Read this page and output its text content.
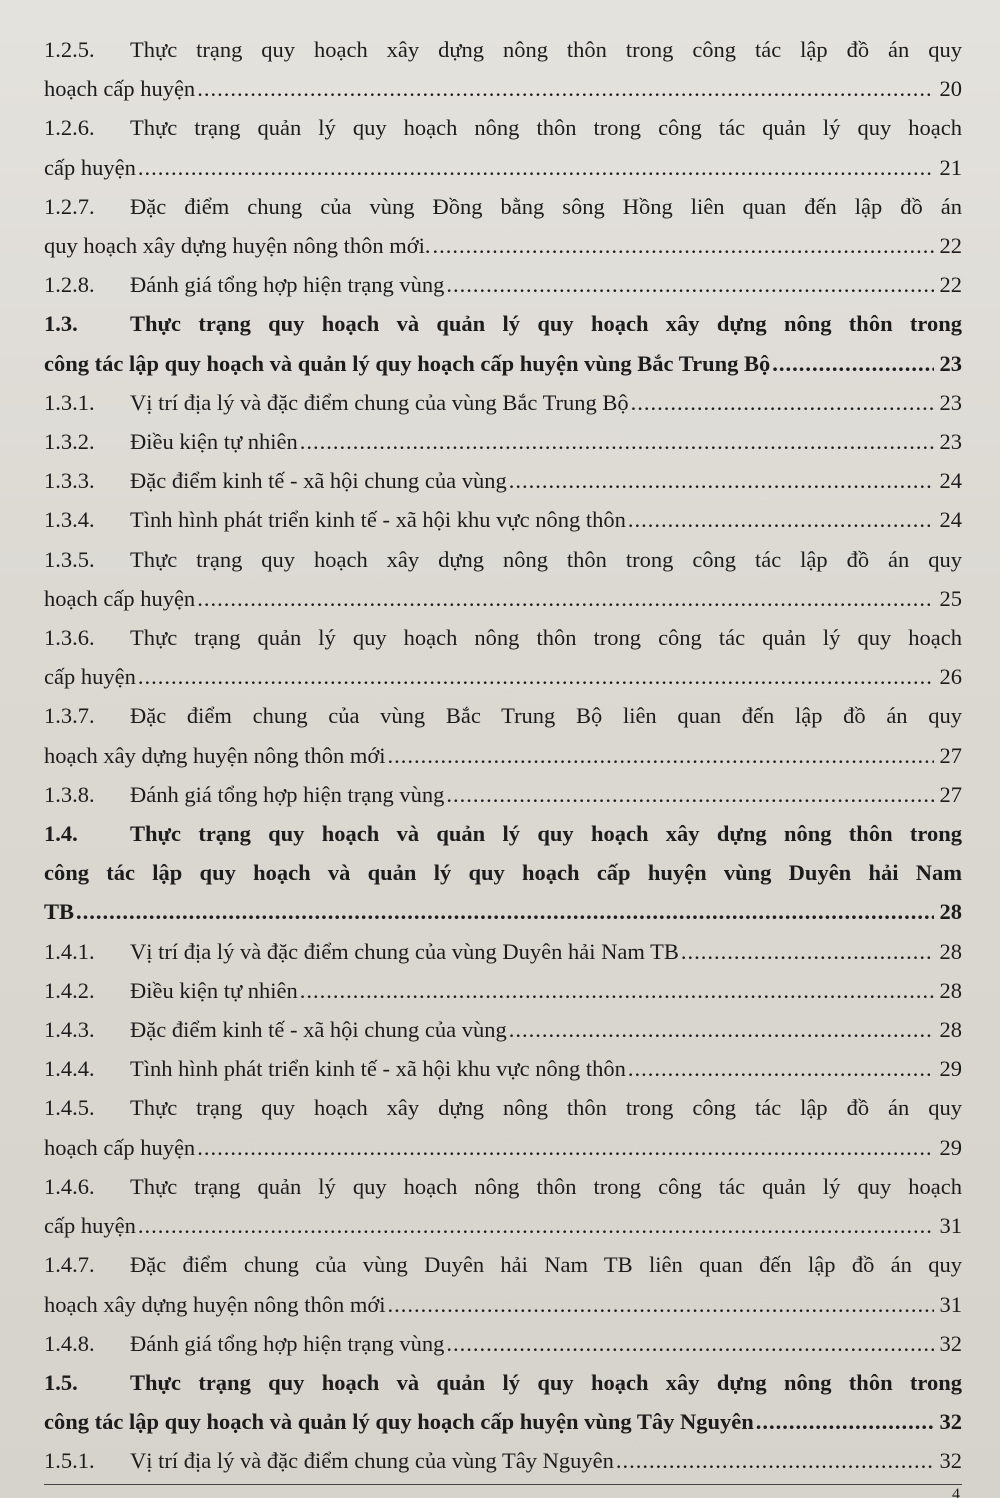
1.2.5. Thực trạng quy hoạch xây dựng nông thôn trong công tác lập đồ án quy
hoạch cấp huyện .....	20
1.2.6. Thực trạng quản lý quy hoạch nông thôn trong công tác quản lý quy hoạch
cấp huyện .....	21
1.2.7. Đặc điểm chung của vùng Đồng bằng sông Hồng liên quan đến lập đồ án
quy hoạch xây dựng huyện nông thôn mới. .....	22
1.2.8.	Đánh giá tổng hợp hiện trạng vùng .....	22
1.3. Thực trạng quy hoạch và quản lý quy hoạch xây dựng nông thôn trong
công tác lập quy hoạch và quản lý quy hoạch cấp huyện vùng Bắc Trung Bộ .....	23
1.3.1.	Vị trí địa lý và đặc điểm chung của vùng Bắc Trung Bộ .....	23
1.3.2.	Điều kiện tự nhiên .....	23
1.3.3.	Đặc điểm kinh tế - xã hội chung của vùng .....	24
1.3.4.	Tình hình phát triển kinh tế - xã hội khu vực nông thôn .....	24
1.3.5. Thực trạng quy hoạch xây dựng nông thôn trong công tác lập đồ án quy
hoạch cấp huyện .....	25
1.3.6. Thực trạng quản lý quy hoạch nông thôn trong công tác quản lý quy hoạch
cấp huyện .....	26
1.3.7. Đặc điểm chung của vùng Bắc Trung Bộ liên quan đến lập đồ án quy
hoạch xây dựng huyện nông thôn mới .....	27
1.3.8.	Đánh giá tổng hợp hiện trạng vùng .....	27
1.4. Thực trạng quy hoạch và quản lý quy hoạch xây dựng nông thôn trong
công tác lập quy hoạch và quản lý quy hoạch cấp huyện vùng Duyên hải Nam
TB .....	28
1.4.1.	Vị trí địa lý và đặc điểm chung của vùng Duyên hải Nam TB .....	28
1.4.2.	Điều kiện tự nhiên .....	28
1.4.3.	Đặc điểm kinh tế - xã hội chung của vùng .....	28
1.4.4.	Tình hình phát triển kinh tế - xã hội khu vực nông thôn .....	29
1.4.5. Thực trạng quy hoạch xây dựng nông thôn trong công tác lập đồ án quy
hoạch cấp huyện .....	29
1.4.6. Thực trạng quản lý quy hoạch nông thôn trong công tác quản lý quy hoạch
cấp huyện .....	31
1.4.7. Đặc điểm chung của vùng Duyên hải Nam TB liên quan đến lập đồ án quy
hoạch xây dựng huyện nông thôn mới .....	31
1.4.8.	Đánh giá tổng hợp hiện trạng vùng .....	32
1.5. Thực trạng quy hoạch và quản lý quy hoạch xây dựng nông thôn trong
công tác lập quy hoạch và quản lý quy hoạch cấp huyện vùng Tây Nguyên .....	32
1.5.1.	Vị trí địa lý và đặc điểm chung của vùng Tây Nguyên .....	32
4
